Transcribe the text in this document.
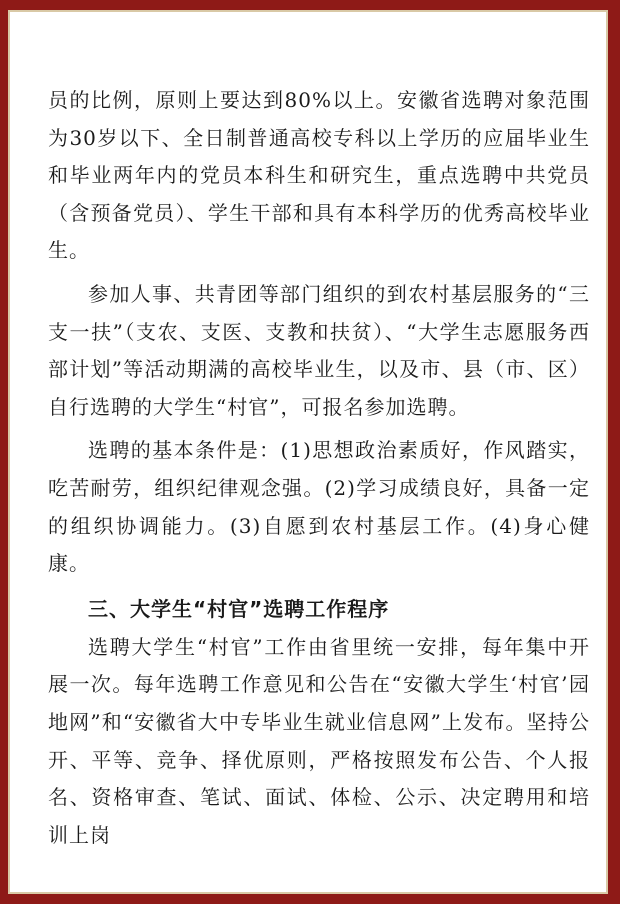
员的比例，原则上要达到80%以上。安徽省选聘对象范围为30岁以下、全日制普通高校专科以上学历的应届毕业生和毕业两年内的党员本科生和研究生，重点选聘中共党员（含预备党员）、学生干部和具有本科学历的优秀高校毕业生。

参加人事、共青团等部门组织的到农村基层服务的“三支一扶”（支农、支医、支教和扶贫）、“大学生志愿服务西部计划”等活动期满的高校毕业生，以及市、县（市、区）自行选聘的大学生“村官”，可报名参加选聘。

选聘的基本条件是：(1)思想政治素质好，作风踏实，吃苦耐劳，组织纪律观念强。(2)学习成绩良好，具备一定的组织协调能力。(3)自愿到农村基层工作。(4)身心健康。

三、大学生“村官”选聘工作程序

选聘大学生“村官”工作由省里统一安排，每年集中开展一次。每年选聘工作意见和公告在“安徽大学生‘村官’园地网”和“安徽省大中专毕业生就业信息网”上发布。坚持公开、平等、竞争、择优原则，严格按照发布公告、个人报名、资格审查、笔试、面试、体检、公示、决定聘用和培训上岗
